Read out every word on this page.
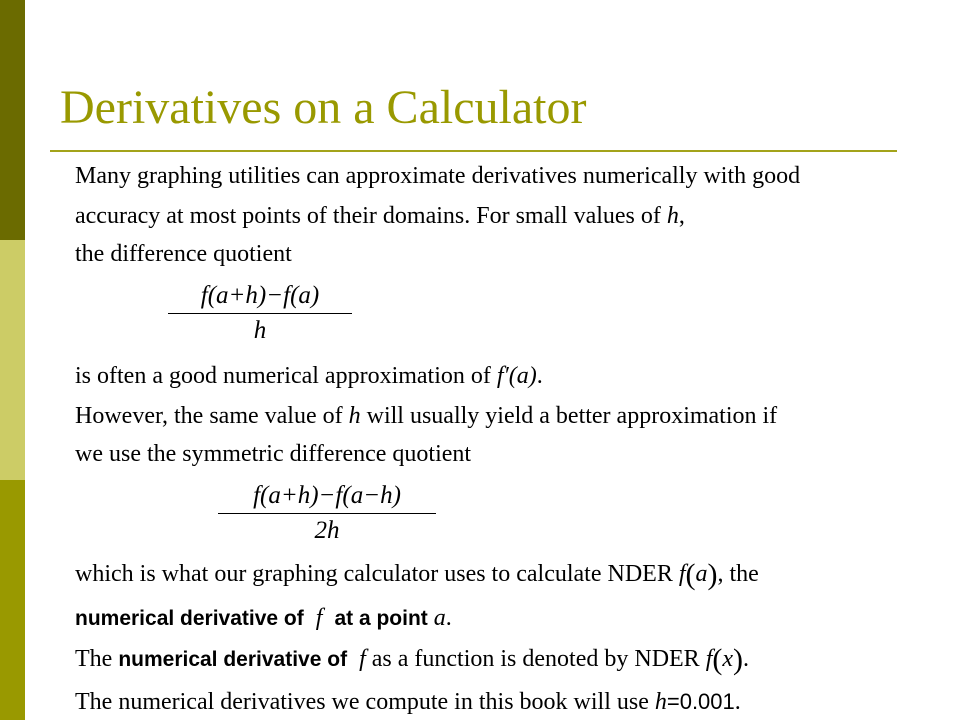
Derivatives on a Calculator
Many graphing utilities can approximate derivatives numerically with good
accuracy at most points of their domains. For small values of h,
the difference quotient
f(a+h)−f(a)
h
is often a good numerical approximation of f′(a).
However, the same value of h will usually yield a better approximation if
we use the symmetric difference quotient
f(a+h)−f(a−h)
2h
which is what our graphing calculator uses to calculate NDER f(a), the
numerical derivative of f at a point a.
The numerical derivative of f as a function is denoted by NDER f(x).
The numerical derivatives we compute in this book will use h=0.001.
